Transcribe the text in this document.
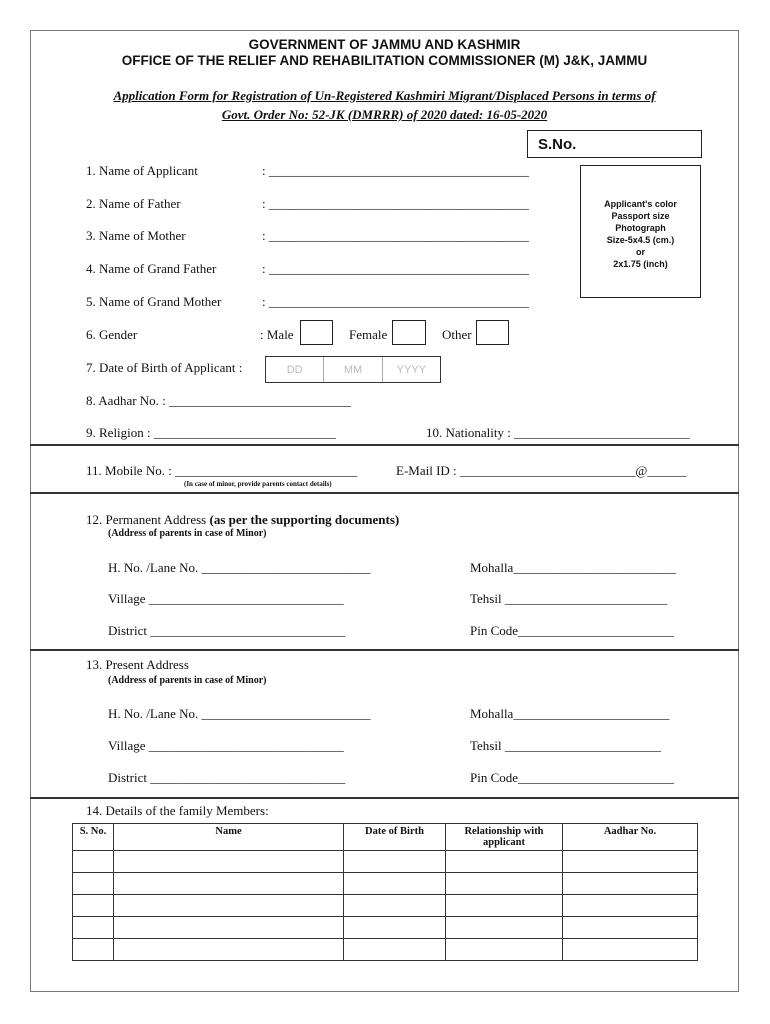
GOVERNMENT OF JAMMU AND KASHMIR
OFFICE OF THE RELIEF AND REHABILITATION COMMISSIONER (M) J&K, JAMMU
Application Form for Registration of Un-Registered Kashmiri Migrant/Displaced Persons in terms of
Govt. Order No: 52-JK (DMRRR) of 2020 dated: 16-05-2020
S.No.
Applicant's color
Passport size
Photograph
Size-5x4.5 (cm.)
or
2x1.75 (inch)
1. Name of Applicant	: ________________________________________
2. Name of Father	: ________________________________________
3. Name of Mother	: ________________________________________
4. Name of Grand Father	: ________________________________________
5. Name of Grand Mother	: ________________________________________
6. Gender	: Male	Female	Other
7. Date of Birth of Applicant :	DD	MM	YYYY
8. Aadhar No. : ____________________________
9. Religion : ____________________________	10. Nationality : ___________________________
11. Mobile No. : ____________________________
(In case of minor, provide parents contact details)
E-Mail ID : ___________________________@______
12. Permanent Address (as per the supporting documents)
(Address of parents in case of Minor)
H. No. /Lane No. __________________________	Mohalla_________________________
Village ______________________________	Tehsil _________________________
District ______________________________	Pin Code________________________
13. Present Address
(Address of parents in case of Minor)
H. No. /Lane No. __________________________	Mohalla________________________
Village ______________________________	Tehsil ________________________
District ______________________________	Pin Code________________________
14. Details of the family Members:
S. No.	Name	Date of Birth	Relationship with applicant	Aadhar No.
